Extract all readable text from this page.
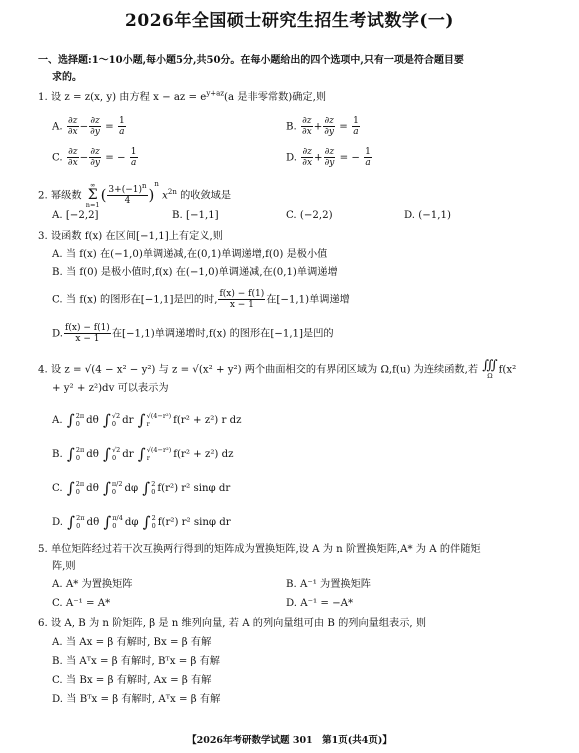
2026年全国硕士研究生招生考试数学(一)
一、选择题:1～10小题,每小题5分,共50分。在每小题给出的四个选项中,只有一项是符合题目要
求的。
1. 设 z = z(x, y) 由方程 x − az = $e^{y+az}(a$ 是非零常数)确定,则
A. $\frac{\partial z}{\partial x} - \frac{\partial z}{\partial y} = \frac{1}{a}$	B. $\frac{\partial z}{\partial x} + \frac{\partial z}{\partial y} = \frac{1}{a}$
C. $\frac{\partial z}{\partial x} - \frac{\partial z}{\partial y}$ = − $\frac{1}{a}$	D. $\frac{\partial z}{\partial x} + \frac{\partial z}{\partial y}$ = − $\frac{1}{a}$
2. 幂级数
∞
Σ
n=1
( $\frac{3+(-1)^n}{4} )^n$ $x^{2n}$ 的收敛域是
A. [−2,2]	B. [−1,1]	C. (−2,2)	D. (−1,1)
3. 设函数 f(x) 在区间[−1,1]上有定义,则
A. 当 f(x) 在(−1,0)单调递减,在(0,1)单调递增,f(0) 是极小值
B. 当 f(0) 是极小值时,f(x) 在(−1,0)单调递减,在(0,1)单调递增
C. 当 f(x) 的图形在[−1,1]是凹的时, $\frac{f(x) - f(1)}{x - 1}$ 在[−1,1)单调递增
D. $\frac{f(x) - f(1)}{x - 1}$ 在[−1,1)单调递增时,f(x) 的图形在[−1,1]是凹的
4. 设 z = √(4 − x² − y²) 与 z = √(x² + y²) 两个曲面相交的有界闭区域为 Ω,f(u) 为连续函数,若 ∭
Ω
f(x²
+ y² + z²)dv 可以表示为
A. ∫ 2π
0 dθ ∫ √2
0 dr ∫ √(4−r²)
r	f(r² + z²) r dz
B. ∫ 2π
0 dθ ∫ √2
0 dr ∫ √(4−r²)
r	f(r² + z²) dz
C. ∫ 2π
0 dθ ∫ π/2
0 dφ ∫ 2
0 f(r²) r² sinφ dr
D. ∫ 2π
0 dθ ∫ π/4
0 dφ ∫ 2
0 f(r²) r² sinφ dr
5. 单位矩阵经过若干次互换两行得到的矩阵成为置换矩阵,设 A 为 n 阶置换矩阵,A* 为 A 的伴随矩
阵,则
A. A* 为置换矩阵	B. A⁻¹ 为置换矩阵
C. A⁻¹ = A*	D. A⁻¹ = −A*
6. 设 A, B 为 n 阶矩阵, β 是 n 维列向量, 若 A 的列向量组可由 B 的列向量组表示, 则
A. 当 Ax = β 有解时, Bx = β 有解
B. 当 Aᵀx = β 有解时, Bᵀx = β 有解
C. 当 Bx = β 有解时, Ax = β 有解
D. 当 Bᵀx = β 有解时, Aᵀx = β 有解
【2026年考研数学试题 301　第1页(共4页)】
